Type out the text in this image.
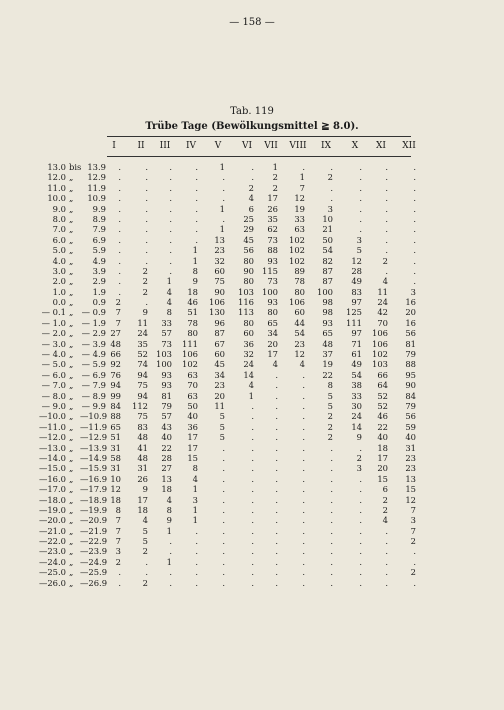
— 158 —
Tab. 119
Trübe Tage (Bewölkungsmittel ≧ 8.0).
I	II	III	IV	V	VI	VII	VIII	IX	X	XI	XII
13.0 bis 13.9	.	.	.	.	1	.	1	.	.	.	.	.
12.0 „	12.9	.	.	.	.	.	.	2	1	2	.	.	.
11.0 „	11.9	.	.	.	.	.	2	2	7	.	.	.	.
10.0 „	10.9	.	.	.	.	.	4	17	12	.	.	.	.
9.0 „	9.9	.	.	.	.	1	6	26	19	3	.	.	.
8.0 „	8.9	.	.	.	.	.	25	35	33	10	.	.	.
7.0 „	7.9	.	.	.	.	1	29	62	63	21	.	.	.
6.0 „	6.9	.	.	.	.	13	45	73	102	50	3	.	.
5.0 „	5.9	.	.	.	1	23	56	88	102	54	5	.	.
4.0 „	4.9	.	.	.	1	32	80	93	102	82	12	2	.
3.0 „	3.9	.	2	.	8	60	90 115	89	87	28	.	.
2.0 „	2.9	.	2	1	9	75	80	73	78	87	49	4	.
1.0 „	1.9	.	2	4	18	90	103 100	80	100	83	11	3
0.0 „	0.9	2	.	4	46	106	116	93	106	98	97	24	16
— 0.1 „ — 0.9	7	9	8	51	130	113	80	60	98	125	42	20
— 1.0 „ — 1.9	7	11	33	78	96	80	65	44	93	111	70	16
— 2.0 „ — 2.9 27	24	57	80	87	60	34	54	65	97	106	56
— 3.0 „ — 3.9 48	35	73	111	67	36	20	23	48	71	106	81
— 4.0 „ — 4.9 66	52 103	106	60	32	17	12	37	61	102	79
— 5.0 „ — 5.9 92	74 100	102	45	24	4	4	19	49	103	88
— 6.0 „ — 6.9 76	94	93	63	34	14	.	.	22	54	66	95
— 7.0 „ — 7.9 94	75	93	70	23	4	.	.	8	38	64	90
— 8.0 „ — 8.9 99	94	81	63	20	1	.	.	5	33	52	84
— 9.0 „ — 9.9 84	112	79	50	11	.	.	.	5	30	52	79
—10.0 „ —10.9 88	75	57	40	5	.	.	.	2	24	46	56
—11.0 „ —11.9 65	83	43	36	5	.	.	.	2	14	22	59
—12.0 „ —12.9 51	48	40	17	5	.	.	.	2	9	40	40
—13.0 „ —13.9 31	41	22	17	.	.	.	.	.	.	18	31
—14.0 „ —14.9 58	48	28	15	.	.	.	.	.	2	17	23
—15.0 „ —15.9 31	31	27	8	.	.	.	.	.	3	20	23
—16.0 „ —16.9 10	26	13	4	.	.	.	.	.	.	15	13
—17.0 „ —17.9 12	9	18	1	.	.	.	.	.	.	6	15
—18.0 „ —18.9 18	17	4	3	.	.	.	.	.	.	2	12
—19.0 „ —19.9	8	18	8	1	.	.	.	.	.	.	2	7
—20.0 „ —20.9	7	4	9	1	.	.	.	.	.	.	4	3
—21.0 „ —21.9	7	5	1	.	.	.	.	.	.	.	.	7
—22.0 „ —22.9	7	5	.	.	.	.	.	.	.	.	.	2
—23.0 „ —23.9	3	2	.	.	.	.	.	.	.	.	.	.
—24.0 „ —24.9	2	.	1	.	.	.	.	.	.	.	.	.
—25.0 „ —25.9	.	.	.	.	.	.	.	.	.	.	.	2
—26.0 „ —26.9	.	2	.	.	.	.	.	.	.	.	.	.
